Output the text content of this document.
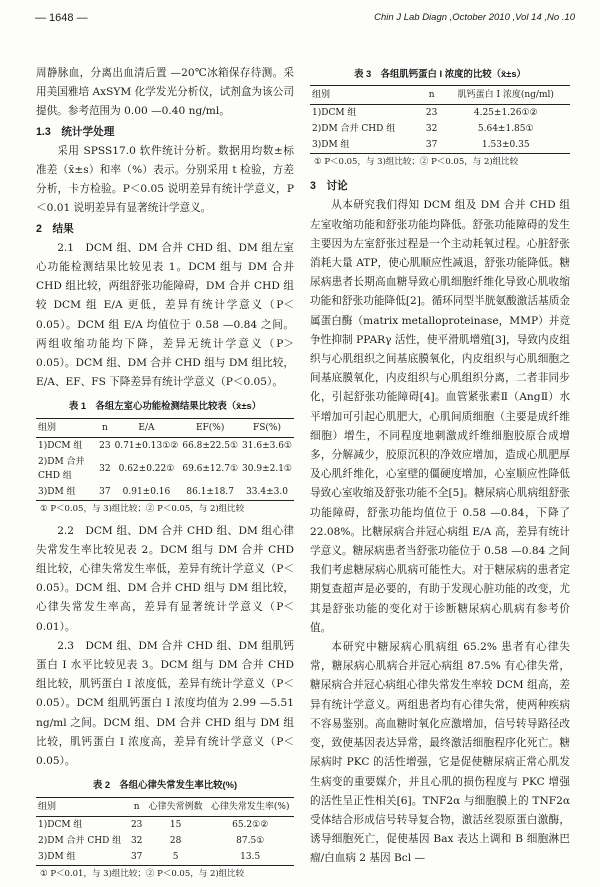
— 1648 —	Chin J Lab Diagn ,October 2010 ,Vol 14 ,No .10

周静脉血，分离出血清后置 —20℃冰箱保存待测。采用美国雅培 AxSYM 化学发光分析仪，试剂盒为该公司提供。参考范围为 0.00 —0.40 ng/ml。

1.3　统计学处理

采用 SPSS17.0 软件统计分析。数据用均数±标准差（x̄±s）和率（%）表示。分别采用 t 检验，方差分析，卡方检验。P＜0.05 说明差异有统计学意义，P＜0.01 说明差异有显著统计学意义。

2　结果

2.1　DCM 组、DM 合并 CHD 组、DM 组左室心功能检测结果比较见表 1。DCM 组与 DM 合并 CHD 组比较，两组舒张功能障碍，DM 合并 CHD 组较 DCM 组 E/A 更低，差异有统计学意义（P＜0.05）。DCM 组 E/A 均值位于 0.58 —0.84 之间。两组收缩功能均下降，差异无统计学意义（P＞0.05）。DCM 组、DM 合并 CHD 组与 DM 组比较，E/A、EF、FS 下降差异有统计学意义（P＜0.05）。

表 1　各组左室心功能检测结果比较表（x̄±s）
组别	n	E/A	EF(%)	FS(%)
1)DCM 组	23	0.71±0.13①②	66.8±22.5①	31.6±3.6①
2)DM 合并 CHD 组	32	0.62±0.22①	69.6±12.7①	30.9±2.1①
3)DM 组	37	0.91±0.16	86.1±18.7	33.4±3.0
① P＜0.05，与 3)组比较；② P＜0.05，与 2)组比较

2.2　DCM 组、DM 合并 CHD 组、DM 组心律失常发生率比较见表 2。DCM 组与 DM 合并 CHD 组比较，心律失常发生率低，差异有统计学意义（P＜0.05）。DCM 组、DM 合并 CHD 组与 DM 组比较，心律失常发生率高，差异有显著统计学意义（P＜0.01）。

2.3　DCM 组、DM 合并 CHD 组、DM 组肌钙蛋白 I 水平比较见表 3。DCM 组与 DM 合并 CHD 组比较，肌钙蛋白 I 浓度低，差异有统计学意义（P＜0.05）。DCM 组肌钙蛋白 I 浓度均值为 2.99 —5.51 ng/ml 之间。DCM 组、DM 合并 CHD 组与 DM 组比较，肌钙蛋白 I 浓度高，差异有统计学意义（P＜0.05）。

表 2　各组心律失常发生率比较(%)
组别	n	心律失常例数	心律失常发生率(%)
1)DCM 组	23	15	65.2①②
2)DM 合并 CHD 组	32	28	87.5①
3)DM 组	37	5	13.5
① P＜0.01，与 3)组比较；② P＜0.05，与 2)组比较
表 3　各组肌钙蛋白 I 浓度的比较（x̄±s）
组别	n	肌钙蛋白 I 浓度(ng/ml)
1)DCM 组	23	4.25±1.26①②
2)DM 合并 CHD 组	32	5.64±1.85①
3)DM 组	37	1.53±0.35
① P＜0.05，与 3)组比较；② P＜0.05，与 2)组比较

3　讨论

从本研究我们得知 DCM 组及 DM 合并 CHD 组左室收缩功能和舒张功能均降低。舒张功能障碍的发生主要因为左室舒张过程是一个主动耗氧过程。心脏舒张消耗大量 ATP，使心肌顺应性减退，舒张功能降低。糖尿病患者长期高血糖导致心肌细胞纤维化导致心肌收缩功能和舒张功能降低[2]。循环同型半胱氨酸激活基质金属蛋白酶（matrix metalloproteinase，MMP）并竞争性抑制 PPARγ 活性，使平滑肌增殖[3]，导致内皮组织与心肌组织之间基底膜氧化，内皮组织与心肌细胞之间基底膜氧化，内皮组织与心肌组织分离，二者非同步化，引起舒张功能障碍[4]。血管紧张素Ⅱ（AngⅡ）水平增加可引起心肌肥大，心肌间质细胞（主要是成纤维细胞）增生，不同程度地刺激成纤维细胞胶原合成增多，分解减少，胶原沉积的净效应增加，造成心肌肥厚及心肌纤维化，心室壁的僵硬度增加，心室顺应性降低导致心室收缩及舒张功能不全[5]。糖尿病心肌病组舒张功能障碍，舒张功能均值位于 0.58 —0.84，下降了 22.08%。比糖尿病合并冠心病组 E/A 高，差异有统计学意义。糖尿病患者当舒张功能位于 0.58 —0.84 之间我们考虑糖尿病心肌病可能性大。对于糖尿病的患者定期复查超声是必要的，有助于发现心脏功能的改变，尤其是舒张功能的变化对于诊断糖尿病心肌病有参考价值。

本研究中糖尿病心肌病组 65.2% 患者有心律失常，糖尿病心肌病合并冠心病组 87.5% 有心律失常，糖尿病合并冠心病组心律失常发生率较 DCM 组高，差异有统计学意义。两组患者均有心律失常，使两种疾病不容易鉴别。高血糖时氧化应激增加，信号转导路径改变，致使基因表达异常，最终激活细胞程序化死亡。糖尿病时 PKC 的活性增强，它是促使糖尿病正常心肌发生病变的重要媒介，并且心肌的损伤程度与 PKC 增强的活性呈正性相关[6]。TNF2α 与细胞膜上的 TNF2α 受体结合形成信号转导复合物，激活丝裂原蛋白激酶，诱导细胞死亡，促使基因 Bax 表达上调和 B 细胞淋巴瘤/白血病 2 基因 Bcl —
